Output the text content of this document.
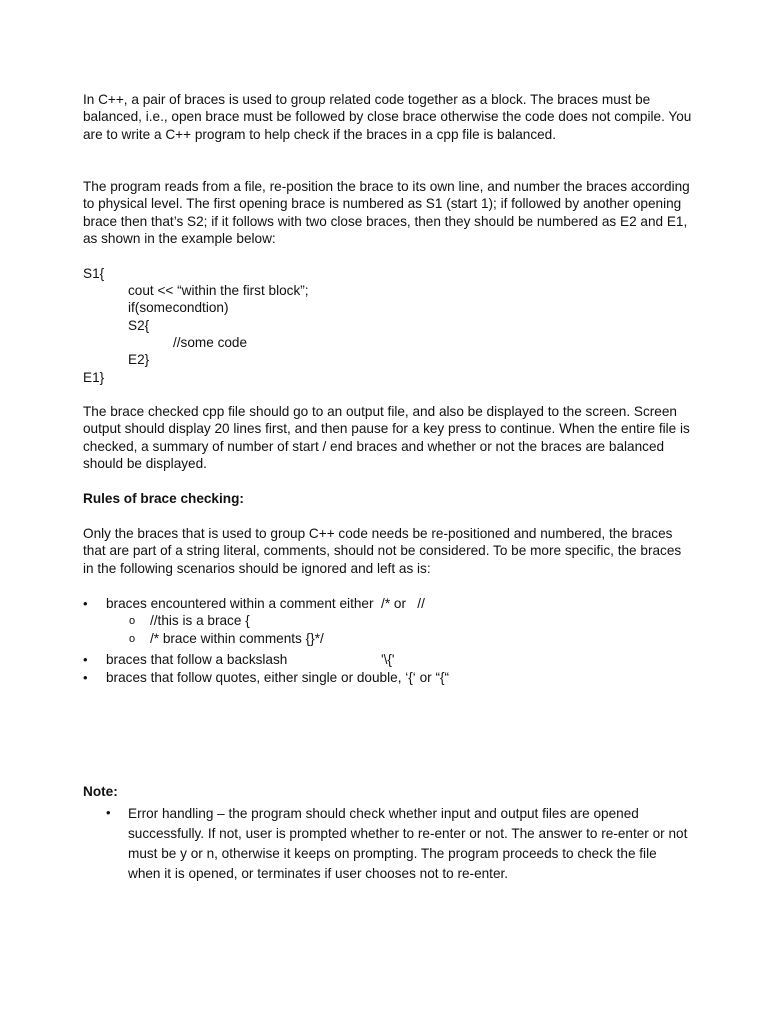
In C++, a pair of braces is used to group related code together as a block. The braces must be balanced, i.e., open brace must be followed by close brace otherwise the code does not compile. You are to write a C++ program to help check if the braces in a cpp file is balanced.

The program reads from a file, re-position the brace to its own line, and number the braces according to physical level. The first opening brace is numbered as S1 (start 1); if followed by another opening brace then that’s S2; if it follows with two close braces, then they should be numbered as E2 and E1, as shown in the example below:

S1{
cout << “within the first block”;
if(somecondtion)
S2{
//some code
E2}
E1}

The brace checked cpp file should go to an output file, and also be displayed to the screen. Screen output should display 20 lines first, and then pause for a key press to continue. When the entire file is checked, a summary of number of start / end braces and whether or not the braces are balanced should be displayed.

Rules of brace checking:

Only the braces that is used to group C++ code needs be re-positioned and numbered, the braces that are part of a string literal, comments, should not be considered. To be more specific, the braces in the following scenarios should be ignored and left as is:

• braces encountered within a comment either  /* or   //
o //this is a brace {
o /* brace within comments {}*/
• braces that follow a backslash	'\{'
• braces that follow quotes, either single or double, ‘{‘ or “{“

Note:

• Error handling – the program should check whether input and output files are opened successfully. If not, user is prompted whether to re-enter or not. The answer to re-enter or not must be y or n, otherwise it keeps on prompting. The program proceeds to check the file when it is opened, or terminates if user chooses not to re-enter.
